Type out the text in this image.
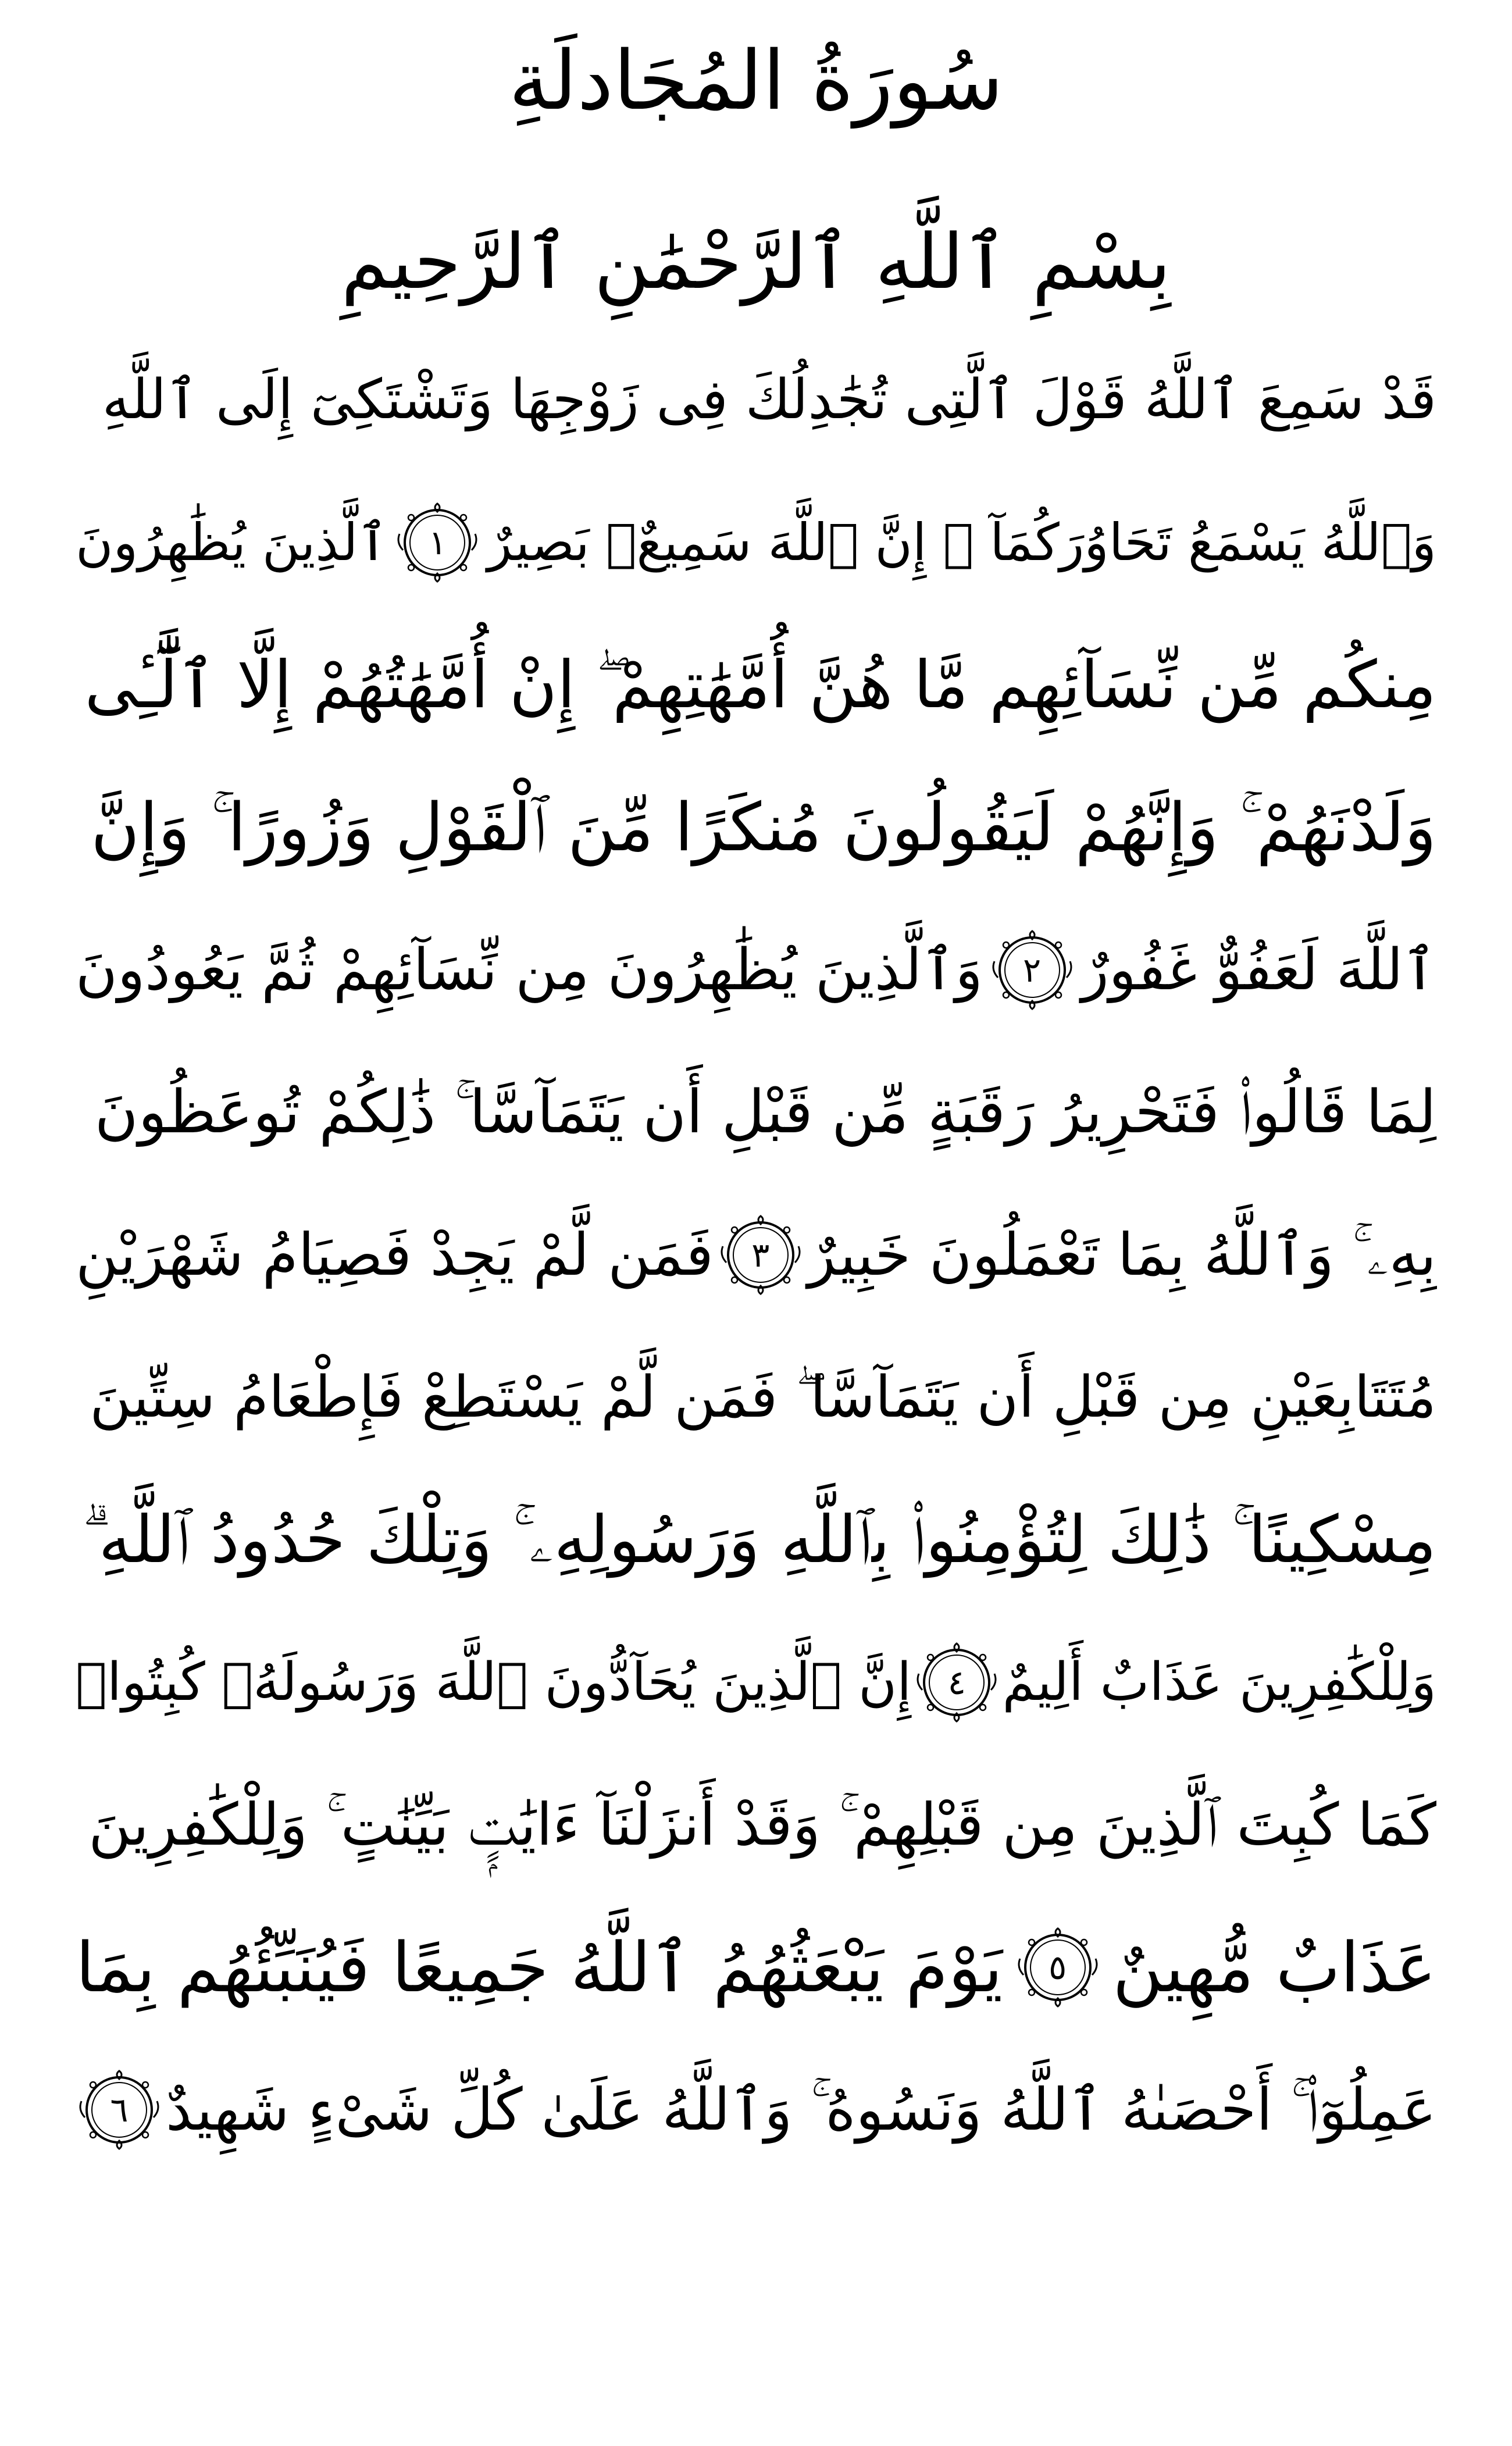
سُورَةُ المُجَادلَةِ
بِسْمِ ٱللَّهِ ٱلرَّحْمَٰنِ ٱلرَّحِيمِ
قَدْ سَمِعَ ٱللَّهُ قَوْلَ ٱلَّتِى تُجَٰدِلُكَ فِى زَوْجِهَا وَتَشْتَكِىٓ إِلَى ٱللَّهِ
وَٱللَّهُ يَسْمَعُ تَحَاوُرَكُمَآ ۚ إِنَّ ٱللَّهَ سَمِيعٌۢ بَصِيرٌ
١
ٱلَّذِينَ يُظَٰهِرُونَ
مِنكُم مِّن نِّسَآئِهِم مَّا هُنَّ أُمَّهَٰتِهِمْ ۖ إِنْ أُمَّهَٰتُهُمْ إِلَّا ٱلَّٰٓـِٔى
وَلَدْنَهُمْ ۚ وَإِنَّهُمْ لَيَقُولُونَ مُنكَرًا مِّنَ ٱلْقَوْلِ وَزُورًا ۚ وَإِنَّ
ٱللَّهَ لَعَفُوٌّ غَفُورٌ
٢
وَٱلَّذِينَ يُظَٰهِرُونَ مِن نِّسَآئِهِمْ ثُمَّ يَعُودُونَ
لِمَا قَالُوا۟ فَتَحْرِيرُ رَقَبَةٍ مِّن قَبْلِ أَن يَتَمَآسَّا ۚ ذَٰلِكُمْ تُوعَظُونَ
بِهِۦ ۚ وَٱللَّهُ بِمَا تَعْمَلُونَ خَبِيرٌ
٣
فَمَن لَّمْ يَجِدْ فَصِيَامُ شَهْرَيْنِ
مُتَتَابِعَيْنِ مِن قَبْلِ أَن يَتَمَآسَّا ۖ فَمَن لَّمْ يَسْتَطِعْ فَإِطْعَامُ سِتِّينَ
مِسْكِينًا ۚ ذَٰلِكَ لِتُؤْمِنُوا۟ بِٱللَّهِ وَرَسُولِهِۦ ۚ وَتِلْكَ حُدُودُ ٱللَّهِ ۗ
وَلِلْكَٰفِرِينَ عَذَابٌ أَلِيمٌ
٤
إِنَّ ٱلَّذِينَ يُحَآدُّونَ ٱللَّهَ وَرَسُولَهُۥ كُبِتُوا۟
كَمَا كُبِتَ ٱلَّذِينَ مِن قَبْلِهِمْ ۚ وَقَدْ أَنزَلْنَآ ءَايَٰتٍۭ بَيِّنَٰتٍ ۚ وَلِلْكَٰفِرِينَ
عَذَابٌ مُّهِينٌ
٥
يَوْمَ يَبْعَثُهُمُ ٱللَّهُ جَمِيعًا فَيُنَبِّئُهُم بِمَا
عَمِلُوٓا۟ ۚ أَحْصَىٰهُ ٱللَّهُ وَنَسُوهُ ۚ وَٱللَّهُ عَلَىٰ كُلِّ شَىْءٍ شَهِيدٌ
٦
